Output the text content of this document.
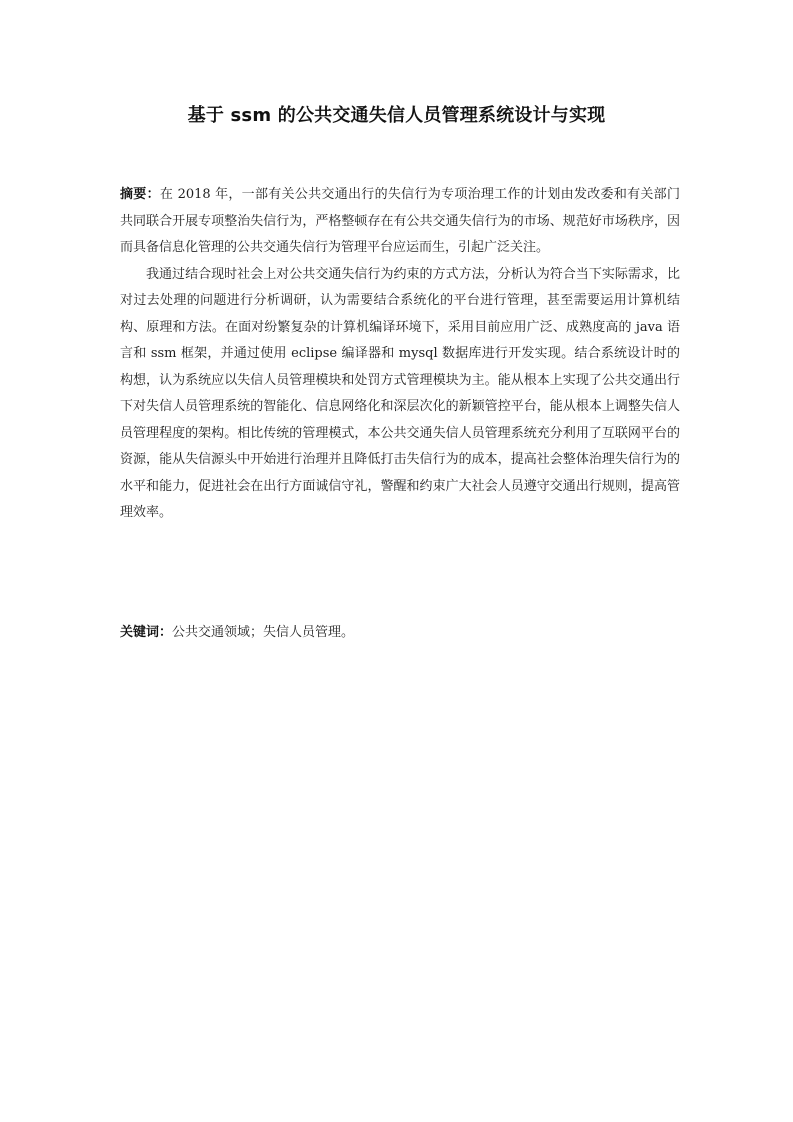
基于 ssm 的公共交通失信人员管理系统设计与实现

摘要：在 2018 年，一部有关公共交通出行的失信行为专项治理工作的计划由发改委和有关部门共同联合开展专项整治失信行为，严格整顿存在有公共交通失信行为的市场、规范好市场秩序，因而具备信息化管理的公共交通失信行为管理平台应运而生，引起广泛关注。

我通过结合现时社会上对公共交通失信行为约束的方式方法，分析认为符合当下实际需求，比对过去处理的问题进行分析调研，认为需要结合系统化的平台进行管理，甚至需要运用计算机结构、原理和方法。在面对纷繁复杂的计算机编译环境下，采用目前应用广泛、成熟度高的 java 语言和 ssm 框架，并通过使用 eclipse 编译器和 mysql 数据库进行开发实现。结合系统设计时的构想，认为系统应以失信人员管理模块和处罚方式管理模块为主。能从根本上实现了公共交通出行下对失信人员管理系统的智能化、信息网络化和深层次化的新颖管控平台，能从根本上调整失信人员管理程度的架构。相比传统的管理模式，本公共交通失信人员管理系统充分利用了互联网平台的资源，能从失信源头中开始进行治理并且降低打击失信行为的成本，提高社会整体治理失信行为的水平和能力，促进社会在出行方面诚信守礼，警醒和约束广大社会人员遵守交通出行规则，提高管理效率。

关键词：公共交通领域；失信人员管理。
